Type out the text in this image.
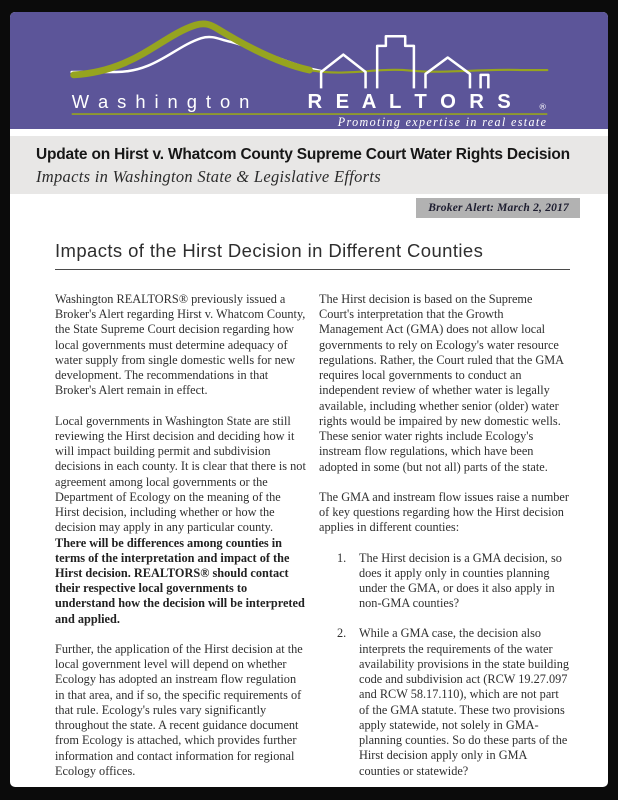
W a s h i n g t o n	R E A L T O R S	®
Promoting expertise in real estate
Update on Hirst v. Whatcom County Supreme Court Water Rights Decision
Impacts in Washington State & Legislative Efforts
Broker Alert: March 2, 2017
Impacts of the Hirst Decision in Different Counties

Washington REALTORS® previously issued a Broker's Alert regarding Hirst v. Whatcom County, the State Supreme Court decision regarding how local governments must determine adequacy of water supply from single domestic wells for new development. The recommendations in that Broker's Alert remain in effect.

Local governments in Washington State are still reviewing the Hirst decision and deciding how it will impact building permit and subdivision decisions in each county. It is clear that there is not agreement among local governments or the Department of Ecology on the meaning of the Hirst decision, including whether or how the decision may apply in any particular county. There will be differences among counties in terms of the interpretation and impact of the Hirst decision. REALTORS® should contact their respective local governments to understand how the decision will be interpreted and applied.

Further, the application of the Hirst decision at the local government level will depend on whether Ecology has adopted an instream flow regulation in that area, and if so, the specific requirements of that rule. Ecology's rules vary significantly throughout the state. A recent guidance document from Ecology is attached, which provides further information and contact information for regional Ecology offices.

The Hirst decision is based on the Supreme Court's interpretation that the Growth Management Act (GMA) does not allow local governments to rely on Ecology's water resource regulations. Rather, the Court ruled that the GMA requires local governments to conduct an independent review of whether water is legally available, including whether senior (older) water rights would be impaired by new domestic wells. These senior water rights include Ecology's instream flow regulations, which have been adopted in some (but not all) parts of the state.

The GMA and instream flow issues raise a number of key questions regarding how the Hirst decision applies in different counties:

1.	The Hirst decision is a GMA decision, so does it apply only in counties planning under the GMA, or does it also apply in non-GMA counties?
2.	While a GMA case, the decision also interprets the requirements of the water availability provisions in the state building code and subdivision act (RCW 19.27.097 and RCW 58.17.110), which are not part of the GMA statute. These two provisions apply statewide, not solely in GMA-planning counties. So do these parts of the Hirst decision apply only in GMA counties or statewide?
